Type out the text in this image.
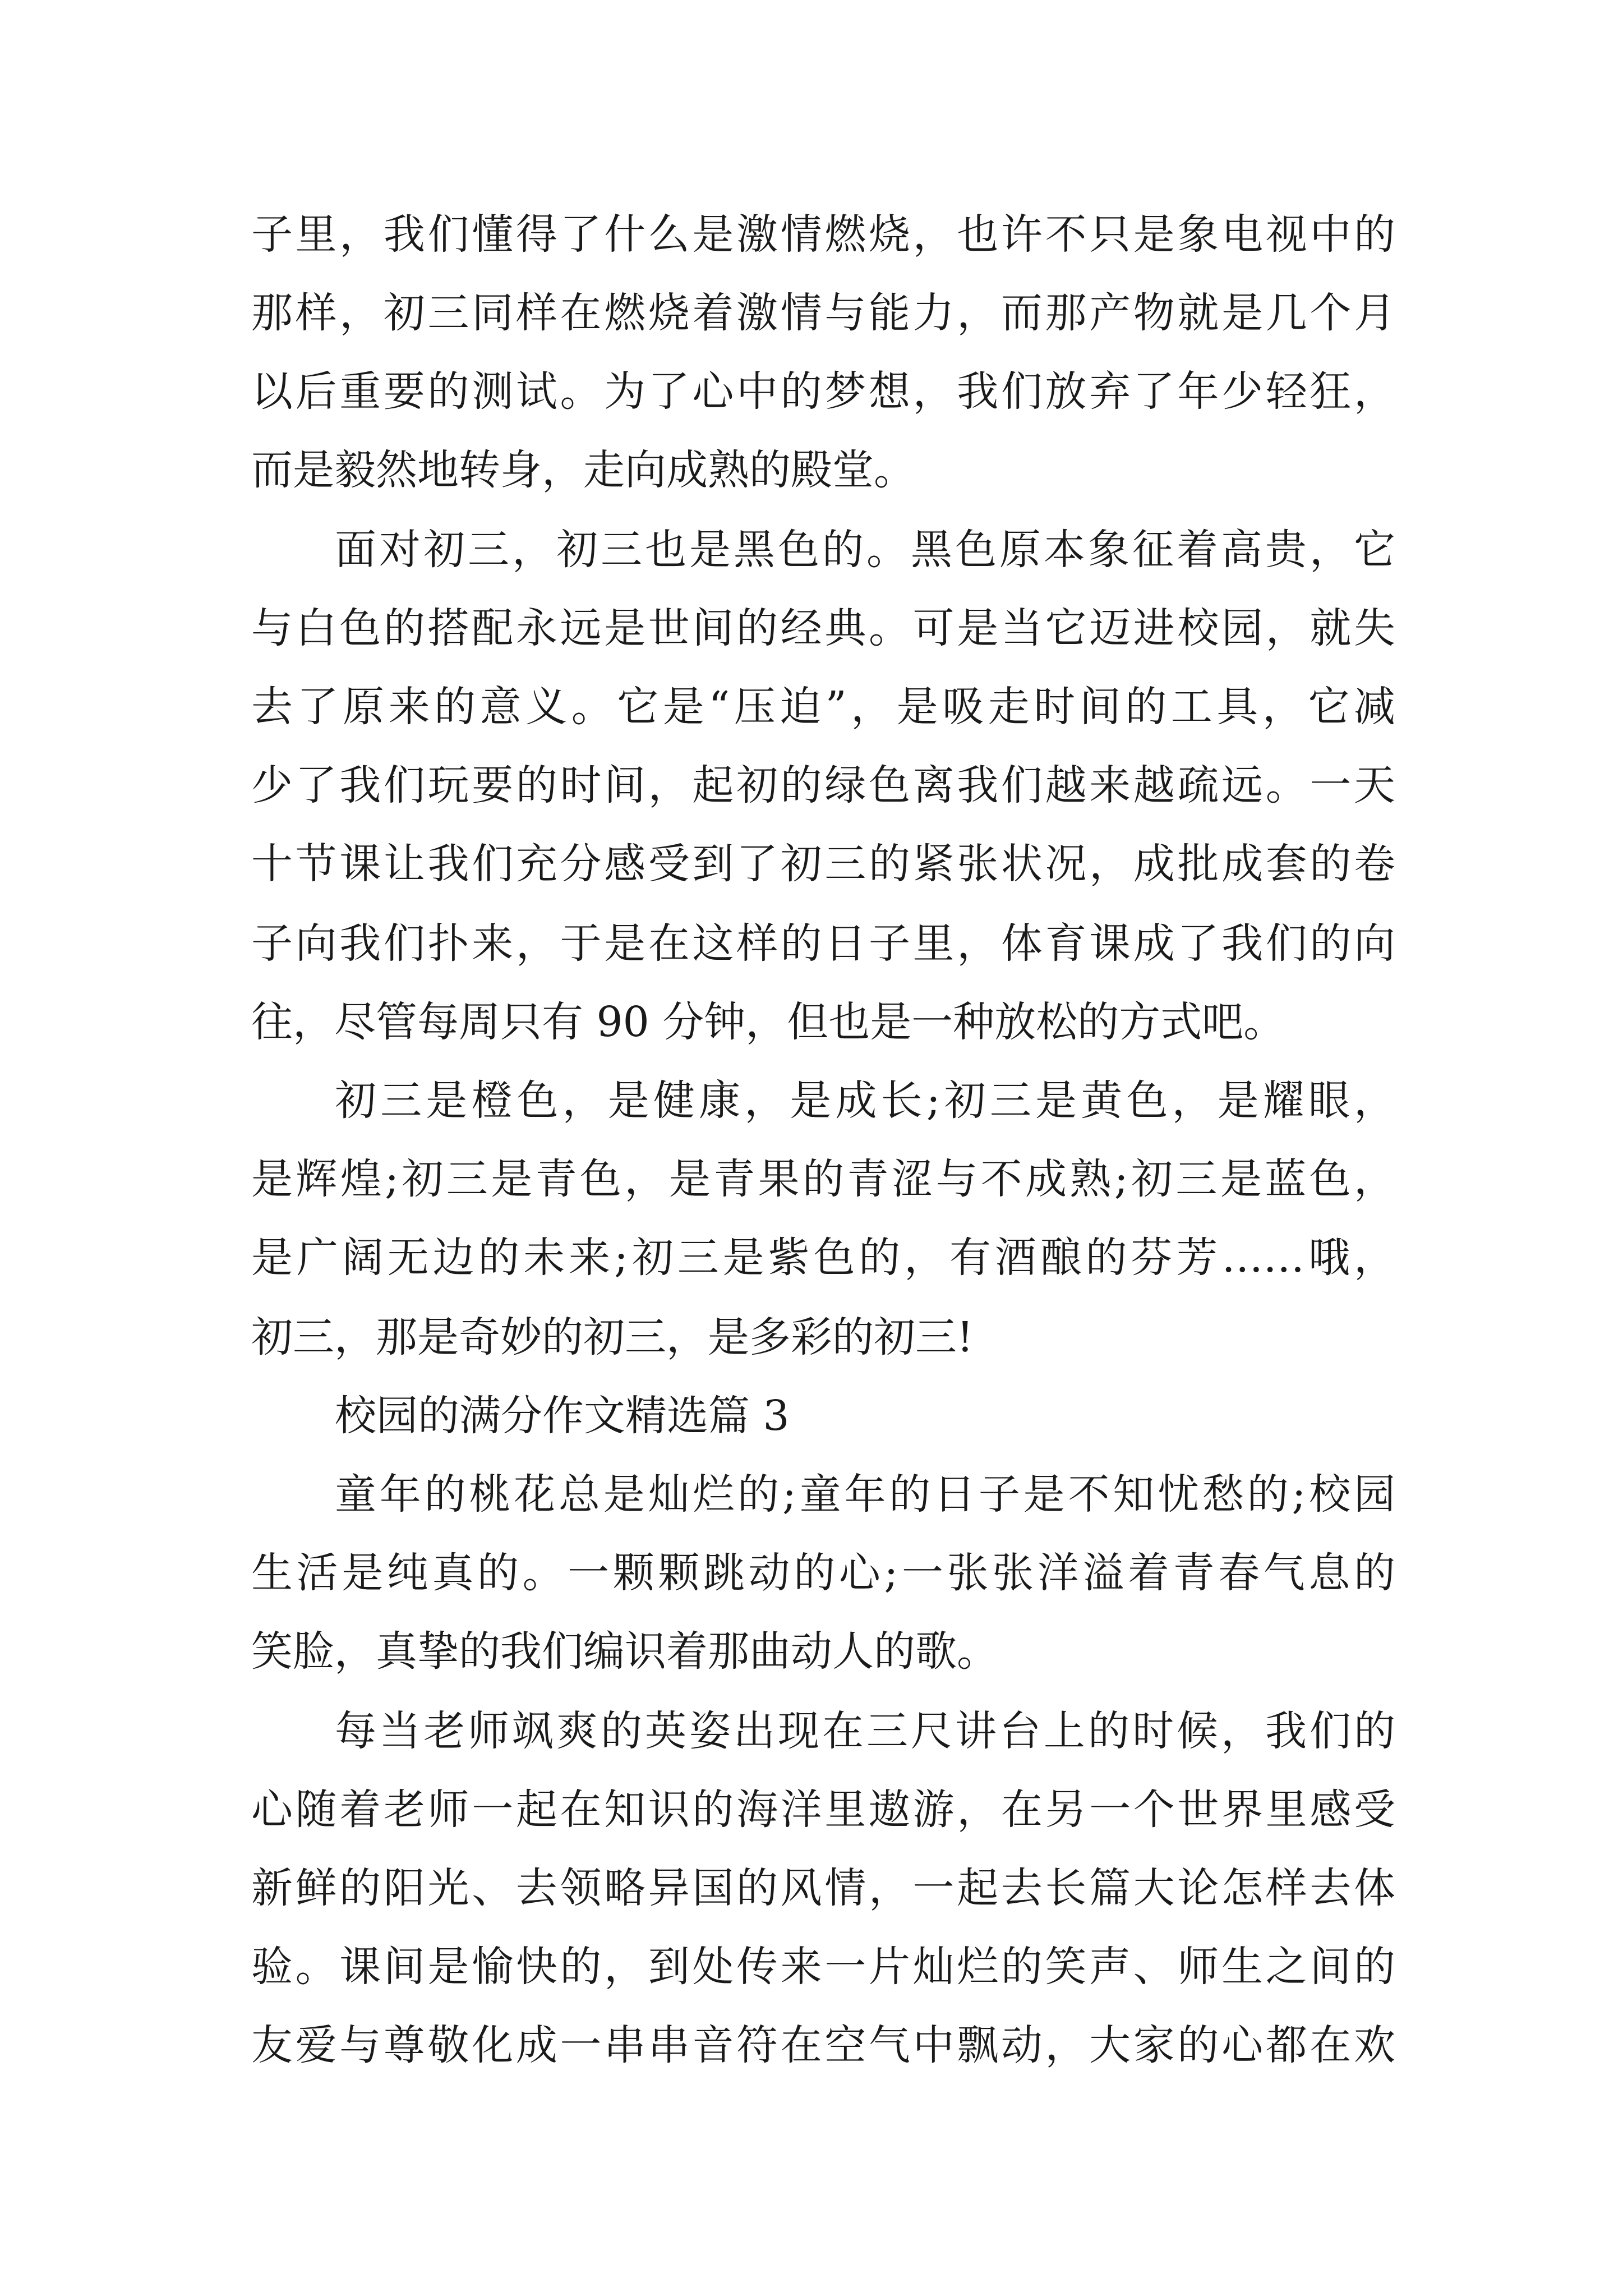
子里，我们懂得了什么是激情燃烧，也许不只是象电视中的
那样，初三同样在燃烧着激情与能力，而那产物就是几个月
以后重要的测试。为了心中的梦想，我们放弃了年少轻狂，
而是毅然地转身，走向成熟的殿堂。
面对初三，初三也是黑色的。黑色原本象征着高贵，它
与白色的搭配永远是世间的经典。可是当它迈进校园，就失
去了原来的意义。它是“压迫”，是吸走时间的工具，它减
少了我们玩要的时间，起初的绿色离我们越来越疏远。一天
十节课让我们充分感受到了初三的紧张状况，成批成套的卷
子向我们扑来，于是在这样的日子里，体育课成了我们的向
往，尽管每周只有 90 分钟，但也是一种放松的方式吧。
初三是橙色，是健康，是成长;初三是黄色，是耀眼，
是辉煌;初三是青色，是青果的青涩与不成熟;初三是蓝色，
是广阔无边的未来;初三是紫色的，有酒酿的芬芳……哦，
初三，那是奇妙的初三，是多彩的初三!
校园的满分作文精选篇 3
童年的桃花总是灿烂的;童年的日子是不知忧愁的;校园
生活是纯真的。一颗颗跳动的心;一张张洋溢着青春气息的
笑脸，真挚的我们编识着那曲动人的歌。
每当老师飒爽的英姿出现在三尺讲台上的时候，我们的
心随着老师一起在知识的海洋里遨游，在另一个世界里感受
新鲜的阳光、去领略异国的风情，一起去长篇大论怎样去体
验。课间是愉快的，到处传来一片灿烂的笑声、师生之间的
友爱与尊敬化成一串串音符在空气中飘动，大家的心都在欢
